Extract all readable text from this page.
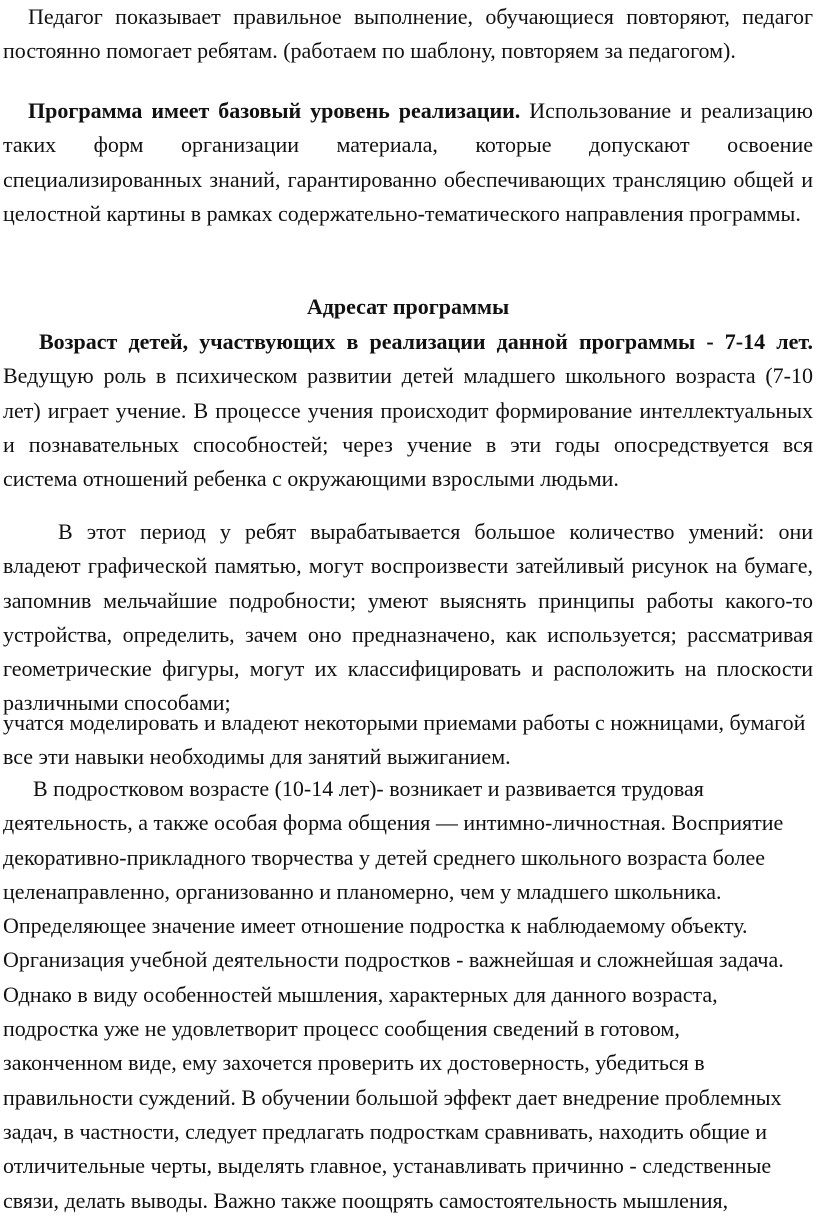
Педагог показывает правильное выполнение, обучающиеся повторяют, педагог постоянно помогает ребятам. (работаем по шаблону, повторяем за педагогом).

Программа имеет базовый уровень реализации. Использование и реализацию таких форм организации материала, которые допускают освоение специализированных знаний, гарантированно обеспечивающих трансляцию общей и целостной картины в рамках содержательно-тематического направления программы.

Адресат программы

Возраст детей, участвующих в реализации данной программы - 7-14 лет. Ведущую роль в психическом развитии детей младшего школьного возраста (7-10 лет) играет учение. В процессе учения происходит формирование интеллектуальных и познавательных способностей; через учение в эти годы опосредствуется вся система отношений ребенка с окружающими взрослыми людьми.

В этот период у ребят вырабатывается большое количество умений: они владеют графической памятью, могут воспроизвести затейливый рисунок на бумаге, запомнив мельчайшие подробности; умеют выяснять принципы работы какого-то устройства, определить, зачем оно предназначено, как используется; рассматривая геометрические фигуры, могут их классифицировать и расположить на плоскости различными способами;

учатся моделировать и владеют некоторыми приемами работы с ножницами, бумагой все эти навыки необходимы для занятий выжиганием.

В подростковом возрасте (10-14 лет)- возникает и развивается трудовая деятельность, а также особая форма общения — интимно-личностная. Восприятие декоративно-прикладного творчества у детей среднего школьного возраста более целенаправленно, организованно и планомерно, чем у младшего школьника. Определяющее значение имеет отношение подростка к наблюдаемому объекту. Организация учебной деятельности подростков - важнейшая и сложнейшая задача. Однако в виду особенностей мышления, характерных для данного возраста, подростка уже не удовлетворит процесс сообщения сведений в готовом, законченном виде, ему захочется проверить их достоверность, убедиться в правильности суждений. В обучении большой эффект дает внедрение проблемных задач, в частности, следует предлагать подросткам сравнивать, находить общие и отличительные черты, выделять главное, устанавливать причинно - следственные связи, делать выводы. Важно также поощрять самостоятельность мышления,
